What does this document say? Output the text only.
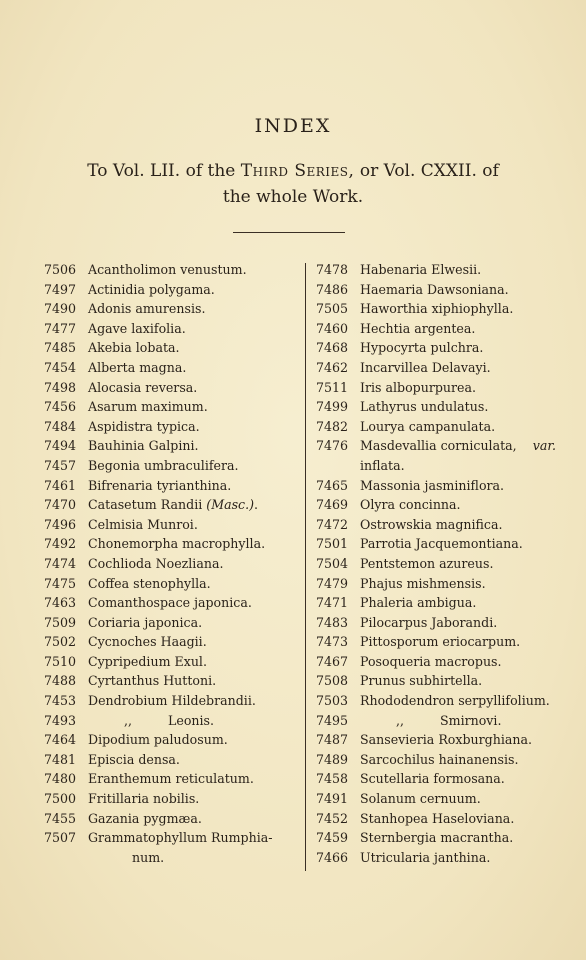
INDEX
To Vol. LII. of the Third Series, or Vol. CXXII. of
the whole Work.
7506 Acantholimon venustum.
7497 Actinidia polygama.
7490 Adonis amurensis.
7477 Agave laxifolia.
7485 Akebia lobata.
7454 Alberta magna.
7498 Alocasia reversa.
7456 Asarum maximum.
7484 Aspidistra typica.
7494 Bauhinia Galpini.
7457 Begonia umbraculifera.
7461 Bifrenaria tyrianthina.
7470 Catasetum Randii (Masc.).
7496 Celmisia Munroi.
7492 Chonemorpha macrophylla.
7474 Cochlioda Noezliana.
7475 Coffea stenophylla.
7463 Comanthospace japonica.
7509 Coriaria japonica.
7502 Cycnoches Haagii.
7510 Cypripedium Exul.
7488 Cyrtanthus Huttoni.
7453 Dendrobium Hildebrandii.
7493	,,	Leonis.
7464 Dipodium paludosum.
7481 Episcia densa.
7480 Eranthemum reticulatum.
7500 Fritillaria nobilis.
7455 Gazania pygmæa.
7507 Grammatophyllum Rumphia-
num.
7478 Habenaria Elwesii.
7486 Haemaria Dawsoniana.
7505 Haworthia xiphiophylla.
7460 Hechtia argentea.
7468 Hypocyrta pulchra.
7462 Incarvillea Delavayi.
7511 Iris albopurpurea.
7499 Lathyrus undulatus.
7482 Lourya campanulata.
7476 Masdevallia corniculata, var.
inflata.
7465 Massonia jasminiflora.
7469 Olyra concinna.
7472 Ostrowskia magnifica.
7501 Parrotia Jacquemontiana.
7504 Pentstemon azureus.
7479 Phajus mishmensis.
7471 Phaleria ambigua.
7483 Pilocarpus Jaborandi.
7473 Pittosporum eriocarpum.
7467 Posoqueria macropus.
7508 Prunus subhirtella.
7503 Rhododendron serpyllifolium.
7495	,,	Smirnovi.
7487 Sansevieria Roxburghiana.
7489 Sarcochilus hainanensis.
7458 Scutellaria formosana.
7491 Solanum cernuum.
7452 Stanhopea Haseloviana.
7459 Sternbergia macrantha.
7466 Utricularia janthina.
